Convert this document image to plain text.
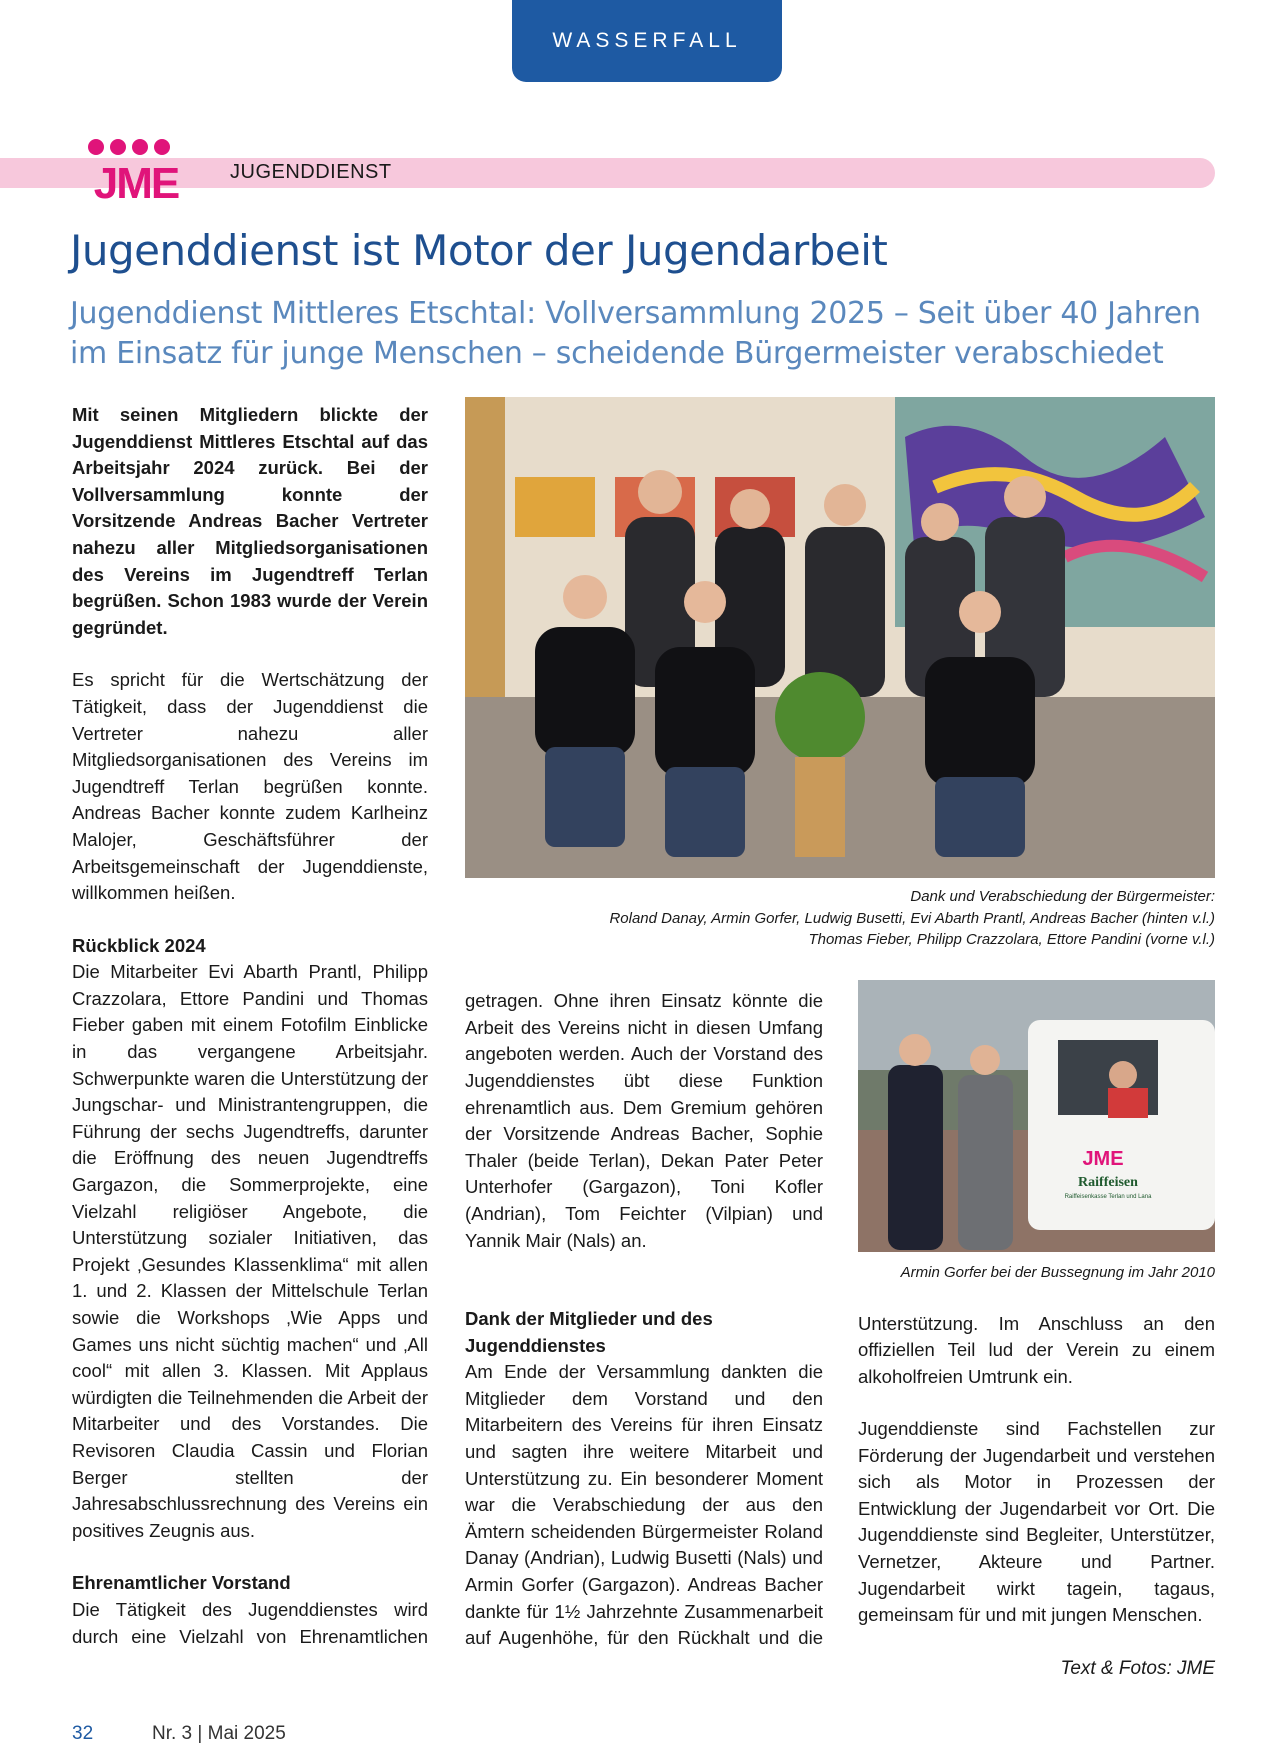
WASSERFALL
JME	JUGENDDIENST
Jugenddienst ist Motor der Jugendarbeit
Jugenddienst Mittleres Etschtal: Vollversammlung 2025 – Seit über 40 Jahren im Einsatz für junge Menschen – scheidende Bürgermeister verabschiedet

Mit seinen Mitgliedern blickte der Jugenddienst Mittleres Etschtal auf das Arbeitsjahr 2024 zurück. Bei der Vollversammlung konnte der Vorsitzende Andreas Bacher Vertreter nahezu aller Mitgliedsorganisationen des Vereins im Jugendtreff Terlan begrüßen. Schon 1983 wurde der Verein gegründet.

Es spricht für die Wertschätzung der Tätigkeit, dass der Jugenddienst die Vertreter nahezu aller Mitgliedsorganisationen des Vereins im Jugendtreff Terlan begrüßen konnte. Andreas Bacher konnte zudem Karlheinz Malojer, Geschäftsführer der Arbeitsgemeinschaft der Jugenddienste, willkommen heißen.

Rückblick 2024

Die Mitarbeiter Evi Abarth Prantl, Philipp Crazzolara, Ettore Pandini und Thomas Fieber gaben mit einem Fotofilm Einblicke in das vergangene Arbeitsjahr. Schwerpunkte waren die Unterstützung der Jungschar- und Ministrantengruppen, die Führung der sechs Jugendtreffs, darunter die Eröffnung des neuen Jugendtreffs Gargazon, die Sommerprojekte, eine Vielzahl religiöser Angebote, die Unterstützung sozialer Initiativen, das Projekt ‚Gesundes Klassenklima“ mit allen 1. und 2. Klassen der Mittelschule Terlan sowie die Workshops ‚Wie Apps und Games uns nicht süchtig machen“ und ‚All cool“ mit allen 3. Klassen. Mit Applaus würdigten die Teilnehmenden die Arbeit der Mitarbeiter und des Vorstandes. Die Revisoren Claudia Cassin und Florian Berger stellten der Jahresabschlussrechnung des Vereins ein positives Zeugnis aus.

Ehrenamtlicher Vorstand

Die Tätigkeit des Jugenddienstes wird durch eine Vielzahl von Ehrenamtlichen

Dank und Verabschiedung der Bürgermeister:
Roland Danay, Armin Gorfer, Ludwig Busetti, Evi Abarth Prantl, Andreas Bacher (hinten v.l.)
Thomas Fieber, Philipp Crazzolara, Ettore Pandini (vorne v.l.)

getragen. Ohne ihren Einsatz könnte die Arbeit des Vereins nicht in diesen Umfang angeboten werden. Auch der Vorstand des Jugenddienstes übt diese Funktion ehrenamtlich aus. Dem Gremium gehören der Vorsitzende Andreas Bacher, Sophie Thaler (beide Terlan), Dekan Pater Peter Unterhofer (Gargazon), Toni Kofler (Andrian), Tom Feichter (Vilpian) und Yannik Mair (Nals) an.

Dank der Mitglieder und des Jugenddienstes

Am Ende der Versammlung dankten die Mitglieder dem Vorstand und den Mitarbeitern des Vereins für ihren Einsatz und sagten ihre weitere Mitarbeit und Unterstützung zu. Ein besonderer Moment war die Verabschiedung der aus den Ämtern scheidenden Bürgermeister Roland Danay (Andrian), Ludwig Busetti (Nals) und Armin Gorfer (Gargazon). Andreas Bacher dankte für 1½ Jahrzehnte Zusammenarbeit auf Augenhöhe, für den Rückhalt und die

JME
Raiffeisen
Raiffeisenkasse Terlan und Lana
Armin Gorfer bei der Bussegnung im Jahr 2010

Unterstützung. Im Anschluss an den offiziellen Teil lud der Verein zu einem alkoholfreien Umtrunk ein.

Jugenddienste sind Fachstellen zur Förderung der Jugendarbeit und verstehen sich als Motor in Prozessen der Entwicklung der Jugendarbeit vor Ort. Die Jugenddienste sind Begleiter, Unterstützer, Vernetzer, Akteure und Partner. Jugendarbeit wirkt tagein, tagaus, gemeinsam für und mit jungen Menschen.

Text & Fotos: JME
32	Nr. 3 | Mai 2025
